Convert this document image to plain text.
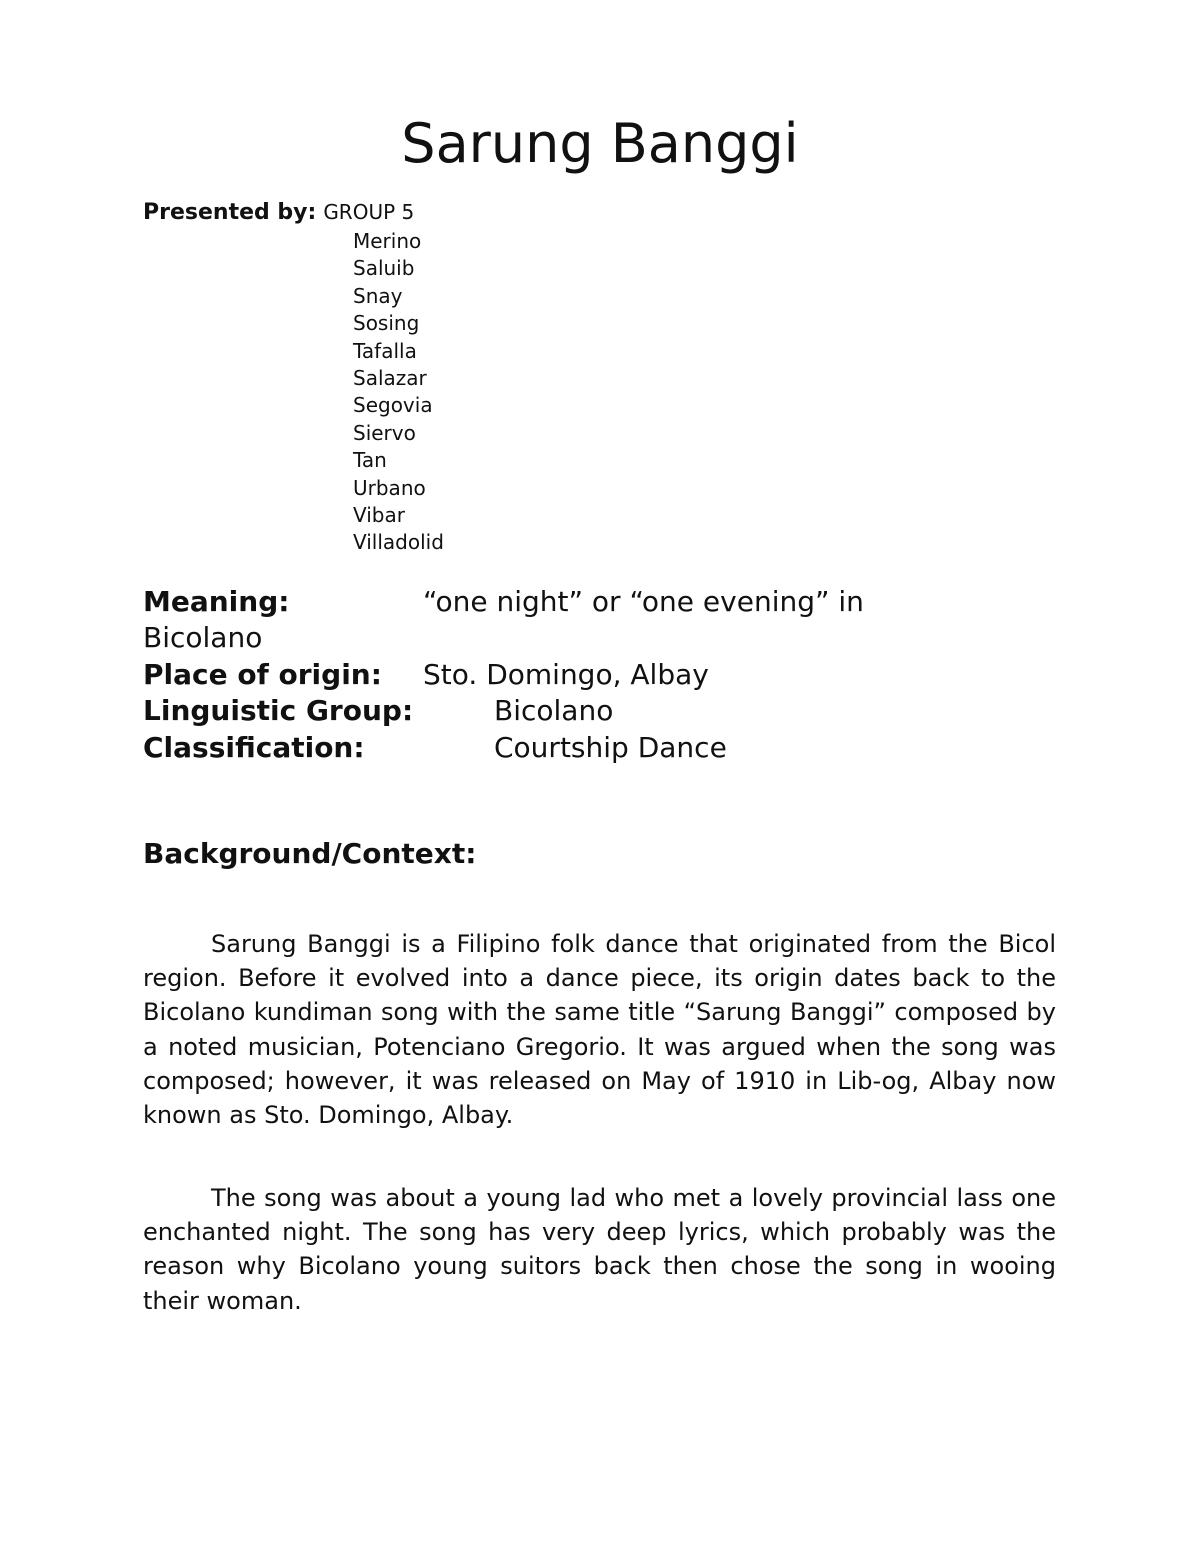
Sarung Banggi
Presented by: GROUP 5
Merino
Saluib
Snay
Sosing
Tafalla
Salazar
Segovia
Siervo
Tan
Urbano
Vibar
Villadolid
Meaning:	“one night” or “one evening” in
Bicolano
Place of origin: Sto. Domingo, Albay
Linguistic Group:	Bicolano
Classification:	Courtship Dance
Background/Context:

Sarung Banggi is a Filipino folk dance that originated from the Bicol region. Before it evolved into a dance piece, its origin dates back to the Bicolano kundiman song with the same title “Sarung Banggi” composed by a noted musician, Potenciano Gregorio. It was argued when the song was composed; however, it was released on May of 1910 in Lib-og, Albay now known as Sto. Domingo, Albay.

The song was about a young lad who met a lovely provincial lass one enchanted night. The song has very deep lyrics, which probably was the reason why Bicolano young suitors back then chose the song in wooing their woman.
